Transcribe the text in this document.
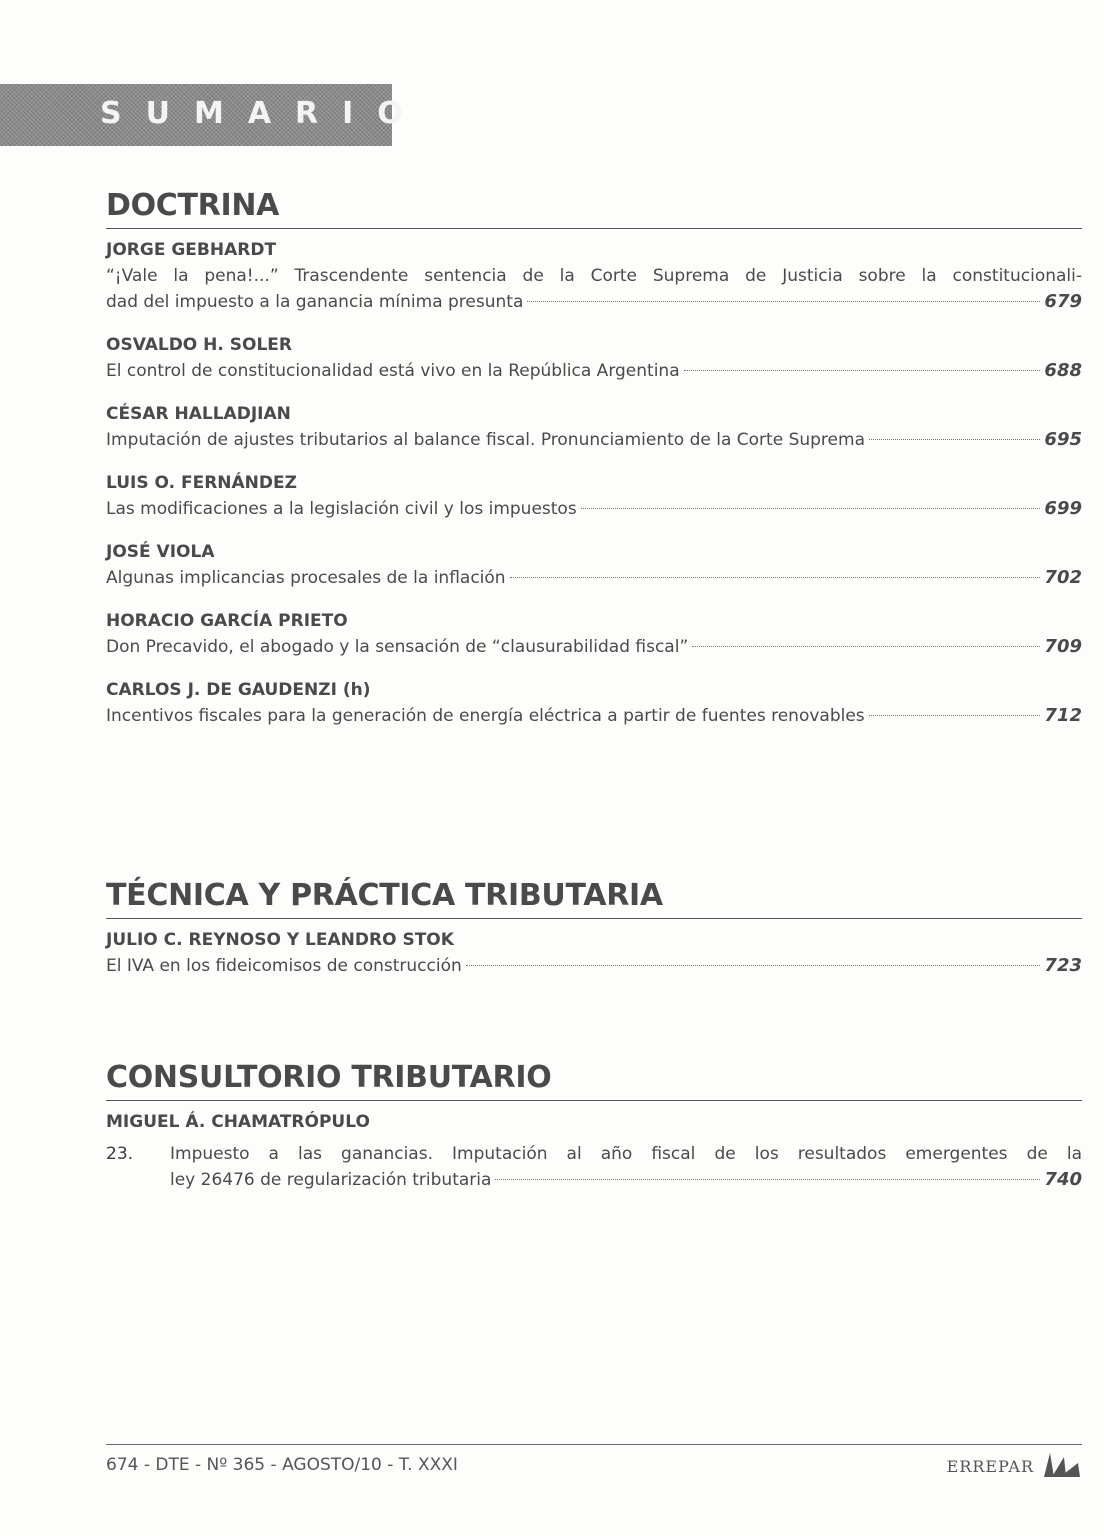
SUMARIO
DOCTRINA
JORGE GEBHARDT
“¡Vale la pena!...” Trascendente sentencia de la Corte Suprema de Justicia sobre la constitucionali-
dad del impuesto a la ganancia mínima presunta	679
OSVALDO H. SOLER
El control de constitucionalidad está vivo en la República Argentina	688
CÉSAR HALLADJIAN
Imputación de ajustes tributarios al balance fiscal. Pronunciamiento de la Corte Suprema	695
LUIS O. FERNÁNDEZ
Las modificaciones a la legislación civil y los impuestos	699
JOSÉ VIOLA
Algunas implicancias procesales de la inflación	702
HORACIO GARCÍA PRIETO
Don Precavido, el abogado y la sensación de “clausurabilidad fiscal”	709
CARLOS J. DE GAUDENZI (h)
Incentivos fiscales para la generación de energía eléctrica a partir de fuentes renovables	712
TÉCNICA Y PRÁCTICA TRIBUTARIA
JULIO C. REYNOSO Y LEANDRO STOK
El IVA en los fideicomisos de construcción	723
CONSULTORIO TRIBUTARIO
MIGUEL Á. CHAMATRÓPULO
23.	Impuesto a las ganancias. Imputación al año fiscal de los resultados emergentes de la
ley 26476 de regularización tributaria	740
674 - DTE - Nº 365 - AGOSTO/10 - T. XXXI	ERREPAR
